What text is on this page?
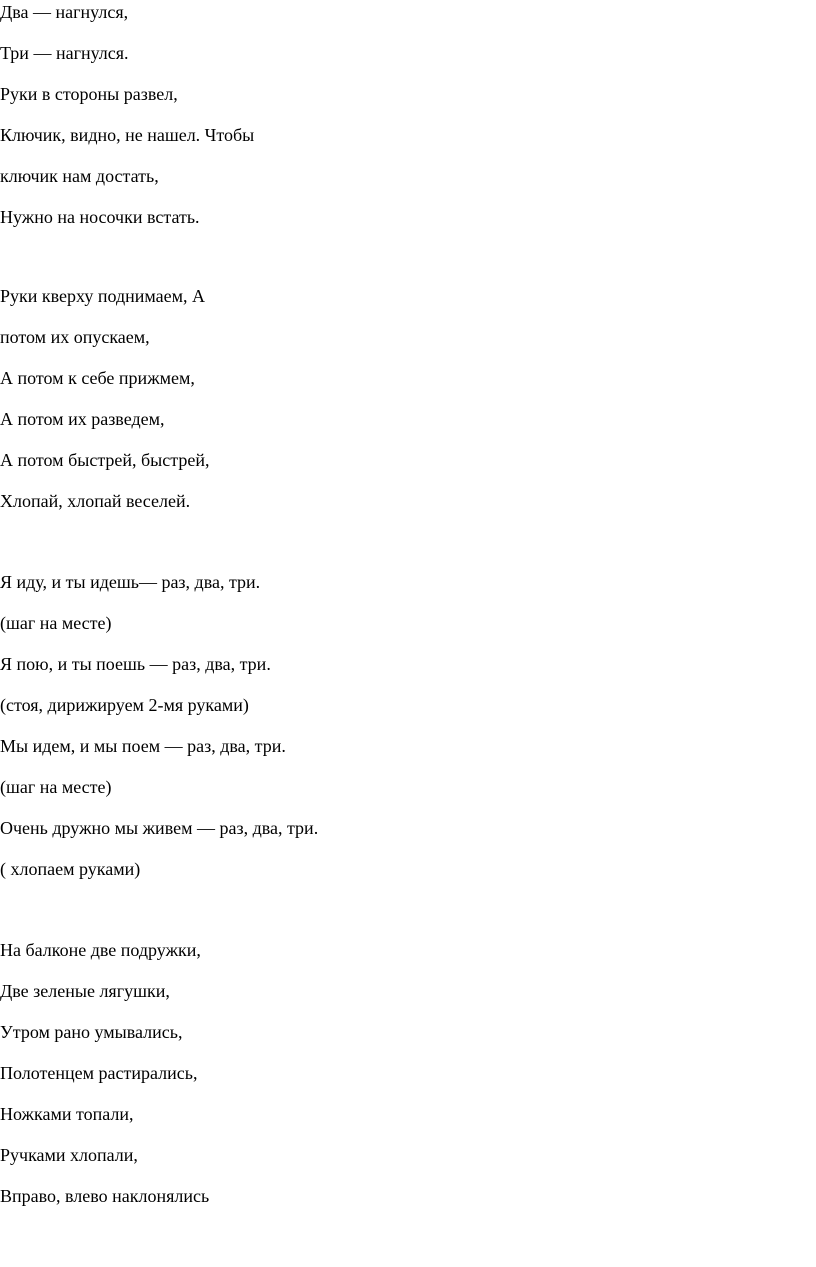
Два — нагнулся,

Три — нагнулся.

Руки в стороны развел,

Ключик, видно, не нашел. Чтобы

ключик нам достать,

Нужно на носочки встать.

Руки кверху поднимаем, А

потом их опускаем,

А потом к себе прижмем,

А потом их разведем,

А потом быстрей, быстрей,

Хлопай, хлопай веселей.

Я иду, и ты идешь— раз, два, три.

(шаг на месте)

Я пою, и ты поешь — раз, два, три.

(стоя, дирижируем 2-мя руками)

Мы идем, и мы поем — раз, два, три.

(шаг на месте)

Очень дружно мы живем — раз, два, три.

( хлопаем руками)

На балконе две подружки,

Две зеленые лягушки,

Утром рано умывались,

Полотенцем растирались,

Ножками топали,

Ручками хлопали,

Вправо, влево наклонялись
